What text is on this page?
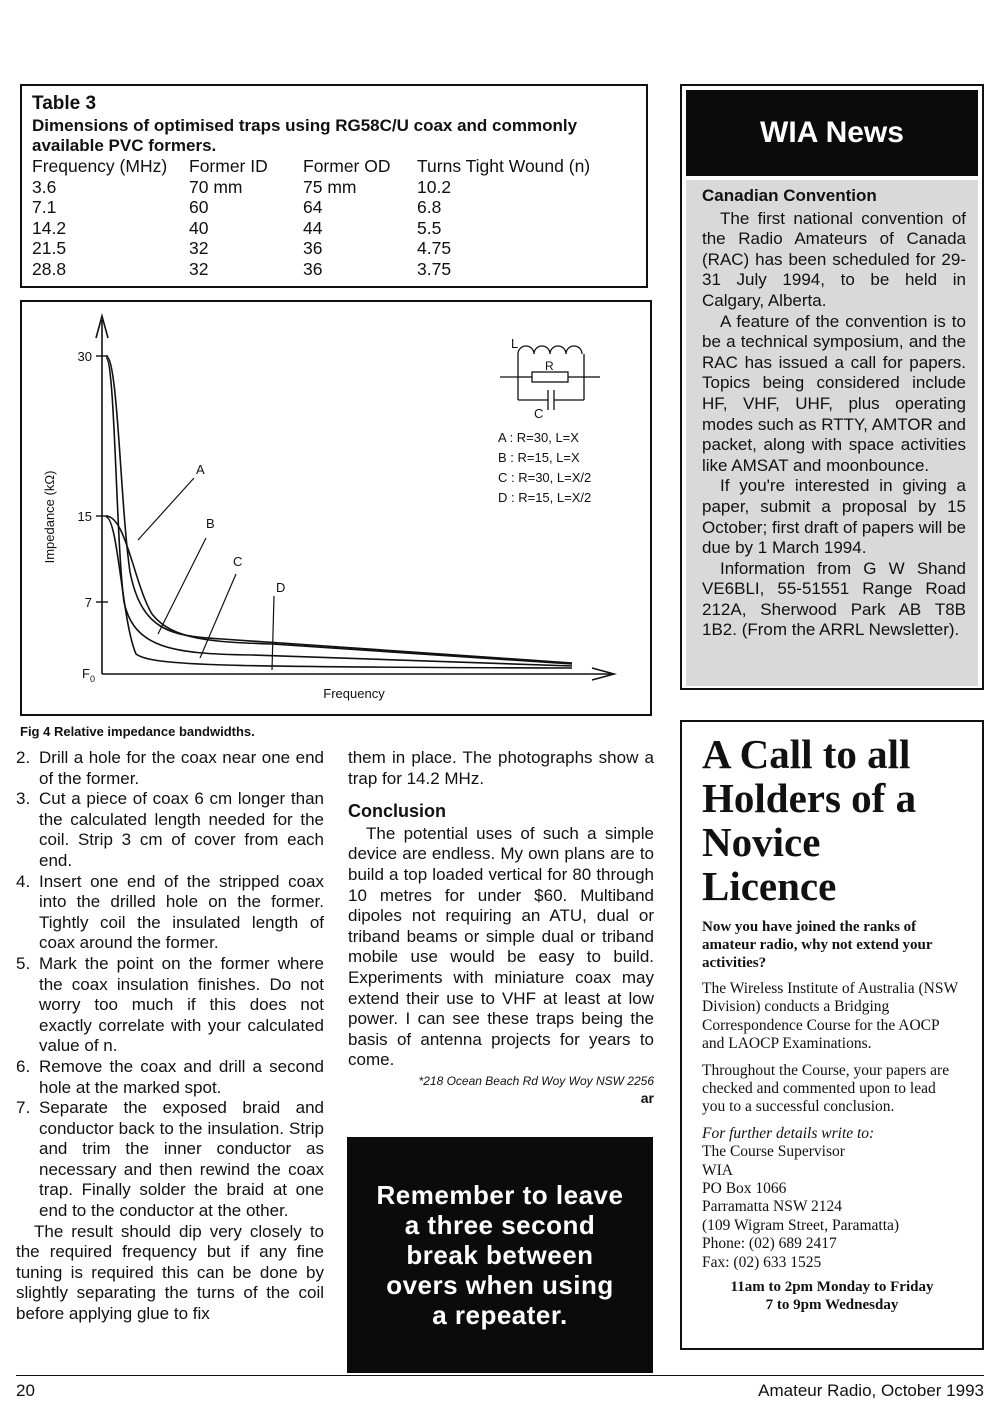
Table 3
Dimensions of optimised traps using RG58C/U coax and commonly
available PVC formers.
Frequency (MHz)	Former ID	Former OD	Turns Tight Wound (n)
3.6	70 mm	75 mm	10.2
7.1	60	64	6.8
14.2	40	44	5.5
21.5	32	36	4.75
28.8	32	36	3.75
30
15
7
$F_0$
Impedance (kΩ)
Frequency
A
B
C
D
L
R
C
A : R=30, L=X
B : R=15, L=X
C : R=30, L=X/2
D : R=15, L=X/2
Fig 4 Relative impedance bandwidths.
2. Drill a hole for the coax near one end of the former.
3. Cut a piece of coax 6 cm longer than the calculated length needed for the coil. Strip 3 cm of cover from each end.
4. Insert one end of the stripped coax into the drilled hole on the former. Tightly coil the insulated length of coax around the former.
5. Mark the point on the former where the coax insulation finishes. Do not worry too much if this does not exactly correlate with your calculated value of n.
6. Remove the coax and drill a second hole at the marked spot.
7. Separate the exposed braid and conductor back to the insulation. Strip and trim the inner conductor as necessary and then rewind the coax trap. Finally solder the braid at one end to the conductor at the other.

The result should dip very closely to the required frequency but if any fine tuning is required this can be done by slightly separating the turns of the coil before applying glue to fix

them in place. The photographs show a trap for 14.2 MHz.

Conclusion

The potential uses of such a simple device are endless. My own plans are to build a top loaded vertical for 80 through 10 metres for under $60. Multiband dipoles not requiring an ATU, dual or triband beams or simple dual or triband mobile use would be easy to build. Experiments with miniature coax may extend their use to VHF at least at low power. I can see these traps being the basis of antenna projects for years to come.

*218 Ocean Beach Rd Woy Woy NSW 2256
ar
Remember to leave
a three second
break between
overs when using
a repeater.
WIA News
Canadian Convention

The first national convention of the Radio Amateurs of Canada (RAC) has been scheduled for 29-31 July 1994, to be held in Calgary, Alberta.

A feature of the convention is to be a technical symposium, and the RAC has issued a call for papers. Topics being considered include HF, VHF, UHF, plus operating modes such as RTTY, AMTOR and packet, along with space activities like AMSAT and moonbounce.

If you're interested in giving a paper, submit a proposal by 15 October; first draft of papers will be due by 1 March 1994.

Information from G W Shand VE6BLI, 55-51551 Range Road 212A, Sherwood Park AB T8B 1B2. (From the ARRL Newsletter).

A Call to all Holders of a Novice Licence

Now you have joined the ranks of amateur radio, why not extend your activities?

The Wireless Institute of Australia (NSW Division) conducts a Bridging Correspondence Course for the AOCP and LAOCP Examinations.

Throughout the Course, your papers are checked and commented upon to lead you to a successful conclusion.

For further details write to:

The Course Supervisor
WIA
PO Box 1066
Parramatta NSW 2124
(109 Wigram Street, Paramatta)
Phone: (02) 689 2417
Fax: (02) 633 1525
11am to 2pm Monday to Friday
7 to 9pm Wednesday
20	Amateur Radio, October 1993
